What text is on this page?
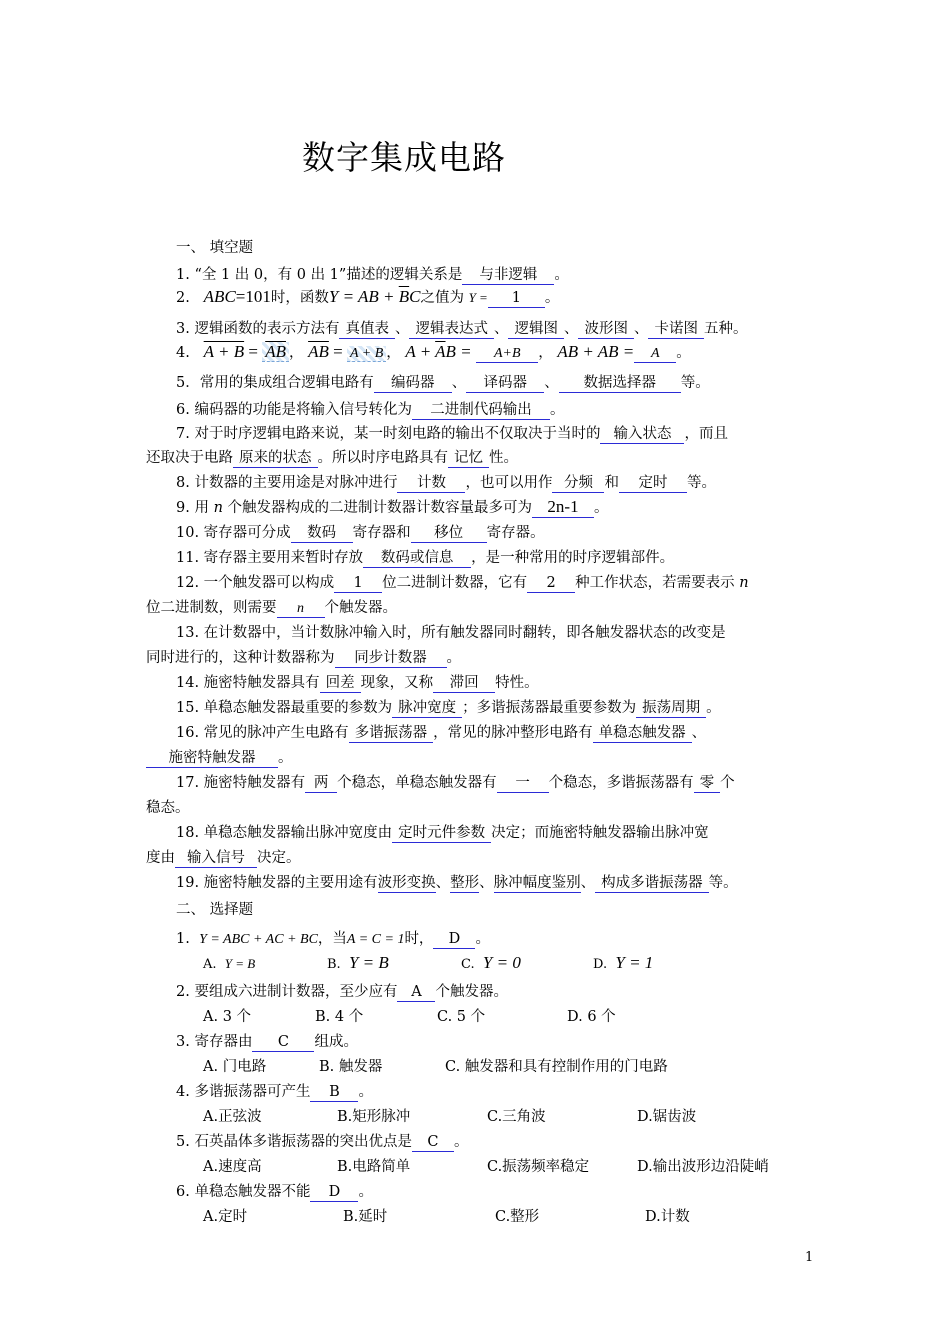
数字集成电路
一、 填空题
1. “全 1 出 0，有 0 出 1”描述的逻辑关系是 与非逻辑 。
2. ABC=101时，函数Y = AB + $\overline{B}C$之值为 Y = 1 。
3. 逻辑函数的表示方法有 真值表 、 逻辑表达式 、 逻辑图 、 波形图 、 卡诺图 五种。
4. $A + B = \overline{AB}$ ， $\overline{AB} = A + B$ ， $A + \overline{A}B = A+B$ ， AB + AB = A 。
5．常用的集成组合逻辑电路有 编码器 、 译码器 、 数据选择器 等。
6. 编码器的功能是将输入信号转化为 二进制代码输出 。
7. 对于时序逻辑电路来说，某一时刻电路的输出不仅取决于当时的 输入状态 ，而且
还取决于电路 原来的状态 。所以时序电路具有 记忆 性。
8. 计数器的主要用途是对脉冲进行 计数 ，也可以用作 分频 和 定时 等。
9. 用 n 个触发器构成的二进制计数器计数容量最多可为 2n-1 。
10. 寄存器可分成 数码 寄存器和 移位 寄存器。
11. 寄存器主要用来暂时存放 数码或信息 ，是一种常用的时序逻辑部件。
12. 一个触发器可以构成 1 位二进制计数器，它有 2 种工作状态，若需要表示 n
位二进制数，则需要 n 个触发器。
13. 在计数器中，当计数脉冲输入时，所有触发器同时翻转，即各触发器状态的改变是
同时进行的，这种计数器称为 同步计数器 。
14. 施密特触发器具有 回差 现象，又称 滞回 特性。
15. 单稳态触发器最重要的参数为 脉冲宽度 ；多谐振荡器最重要参数为 振荡周期 。
16. 常见的脉冲产生电路有 多谐振荡器 ，常见的脉冲整形电路有 单稳态触发器 、
施密特触发器 。
17. 施密特触发器有 两 个稳态，单稳态触发器有 一 个稳态，多谐振荡器有 零 个
稳态。
18. 单稳态触发器输出脉冲宽度由 定时元件参数 决定；而施密特触发器输出脉冲宽
度由 输入信号 决定。
19. 施密特触发器的主要用途有波形变换、整形、脉冲幅度鉴别、 构成多谐振荡器 等。
二、 选择题
1. Y = ABC + AC + BC，当A = C = 1时， D 。
A. Y = B	B. Y = B	C. Y = 0	D. Y = 1
2. 要组成六进制计数器，至少应有 A 个触发器。
A. 3 个	B. 4 个	C. 5 个	D. 6 个
3. 寄存器由 C 组成。
A. 门电路	B. 触发器	C. 触发器和具有控制作用的门电路
4. 多谐振荡器可产生 B 。
A.正弦波	B.矩形脉冲	C.三角波	D.锯齿波
5. 石英晶体多谐振荡器的突出优点是 C 。
A.速度高	B.电路简单	C.振荡频率稳定	D.输出波形边沿陡峭
6. 单稳态触发器不能 D 。
A.定时	B.延时	C.整形	D.计数
1
